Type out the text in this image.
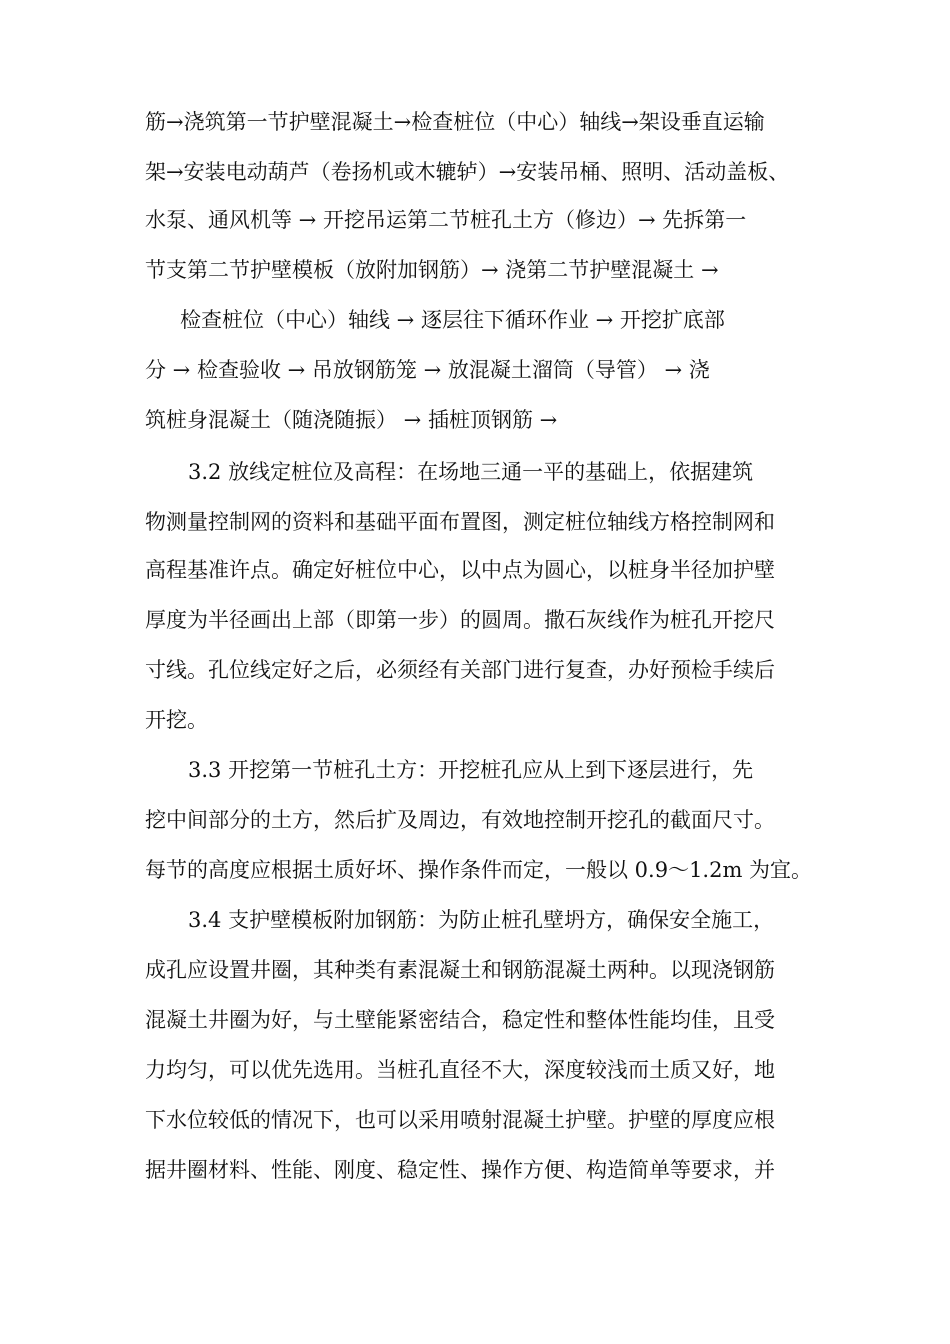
筋→浇筑第一节护壁混凝土→检查桩位（中心）轴线→架设垂直运输
架→安装电动葫芦（卷扬机或木辘轳）→安装吊桶、照明、活动盖板、
水泵、通风机等 → 开挖吊运第二节桩孔土方（修边）→ 先拆第一
节支第二节护壁模板（放附加钢筋）→ 浇第二节护壁混凝土 →
检查桩位（中心）轴线 → 逐层往下循环作业 → 开挖扩底部
分 → 检查验收 → 吊放钢筋笼 → 放混凝土溜筒（导管） → 浇
筑桩身混凝土（随浇随振） → 插桩顶钢筋 →
3.2 放线定桩位及高程：在场地三通一平的基础上，依据建筑
物测量控制网的资料和基础平面布置图，测定桩位轴线方格控制网和
高程基准许点。确定好桩位中心，以中点为圆心，以桩身半径加护壁
厚度为半径画出上部（即第一步）的圆周。撒石灰线作为桩孔开挖尺
寸线。孔位线定好之后，必须经有关部门进行复查，办好预检手续后
开挖。
3.3 开挖第一节桩孔土方：开挖桩孔应从上到下逐层进行，先
挖中间部分的土方，然后扩及周边，有效地控制开挖孔的截面尺寸。
每节的高度应根据土质好坏、操作条件而定，一般以 0.9～1.2m 为宜。
3.4 支护壁模板附加钢筋：为防止桩孔壁坍方，确保安全施工，
成孔应设置井圈，其种类有素混凝土和钢筋混凝土两种。以现浇钢筋
混凝土井圈为好，与土壁能紧密结合，稳定性和整体性能均佳，且受
力均匀，可以优先选用。当桩孔直径不大，深度较浅而土质又好，地
下水位较低的情况下，也可以采用喷射混凝土护壁。护壁的厚度应根
据井圈材料、性能、刚度、稳定性、操作方便、构造简单等要求，并
